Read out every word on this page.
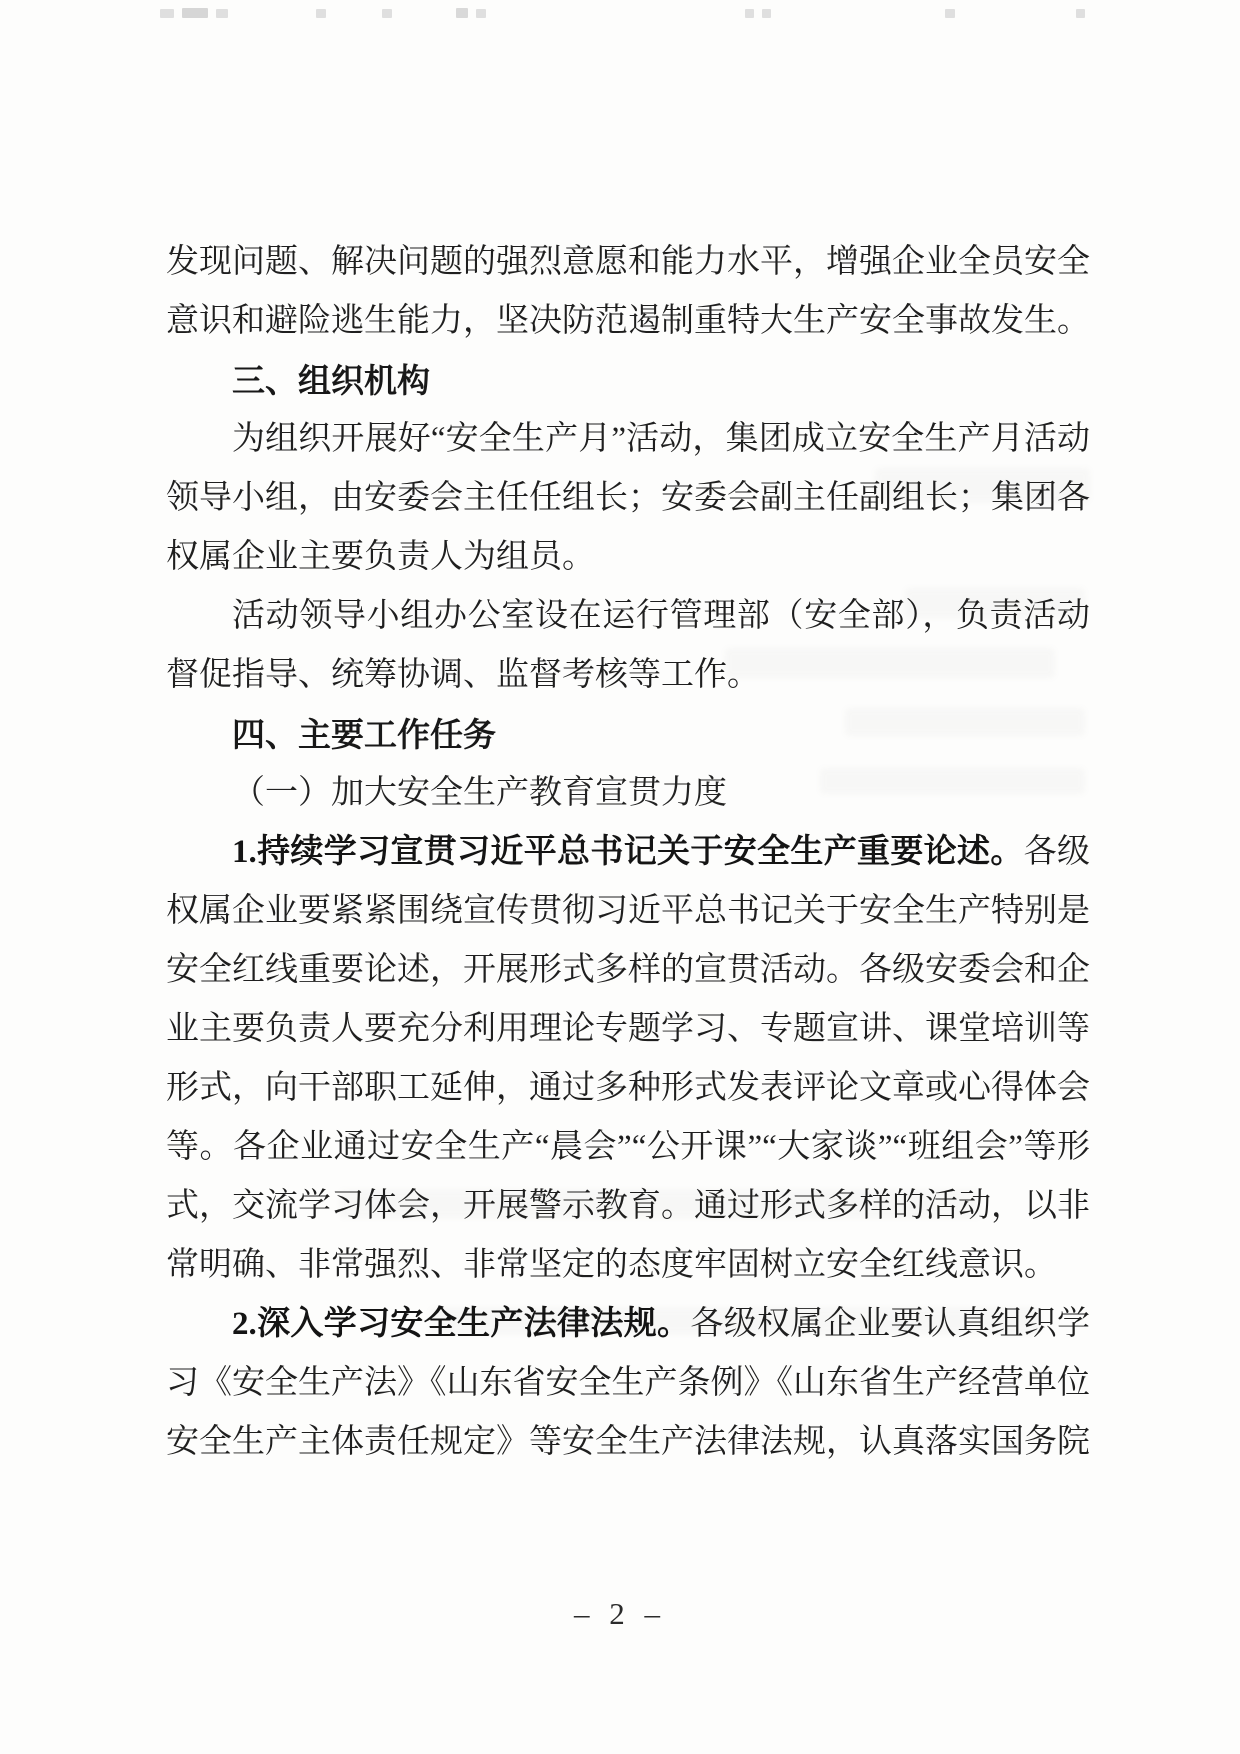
发现问题、解决问题的强烈意愿和能力水平，增强企业全员安全意识和避险逃生能力，坚决防范遏制重特大生产安全事故发生。

三、组织机构

为组织开展好“安全生产月”活动，集团成立安全生产月活动领导小组，由安委会主任任组长；安委会副主任副组长；集团各权属企业主要负责人为组员。

活动领导小组办公室设在运行管理部（安全部），负责活动督促指导、统筹协调、监督考核等工作。

四、主要工作任务

（一）加大安全生产教育宣贯力度

1.持续学习宣贯习近平总书记关于安全生产重要论述。各级权属企业要紧紧围绕宣传贯彻习近平总书记关于安全生产特别是安全红线重要论述，开展形式多样的宣贯活动。各级安委会和企业主要负责人要充分利用理论专题学习、专题宣讲、课堂培训等形式，向干部职工延伸，通过多种形式发表评论文章或心得体会等。各企业通过安全生产“晨会”“公开课”“大家谈”“班组会”等形式，交流学习体会，开展警示教育。通过形式多样的活动，以非常明确、非常强烈、非常坚定的态度牢固树立安全红线意识。

2.深入学习安全生产法律法规。各级权属企业要认真组织学习《安全生产法》《山东省安全生产条例》《山东省生产经营单位安全生产主体责任规定》等安全生产法律法规，认真落实国务院

– 2 –
